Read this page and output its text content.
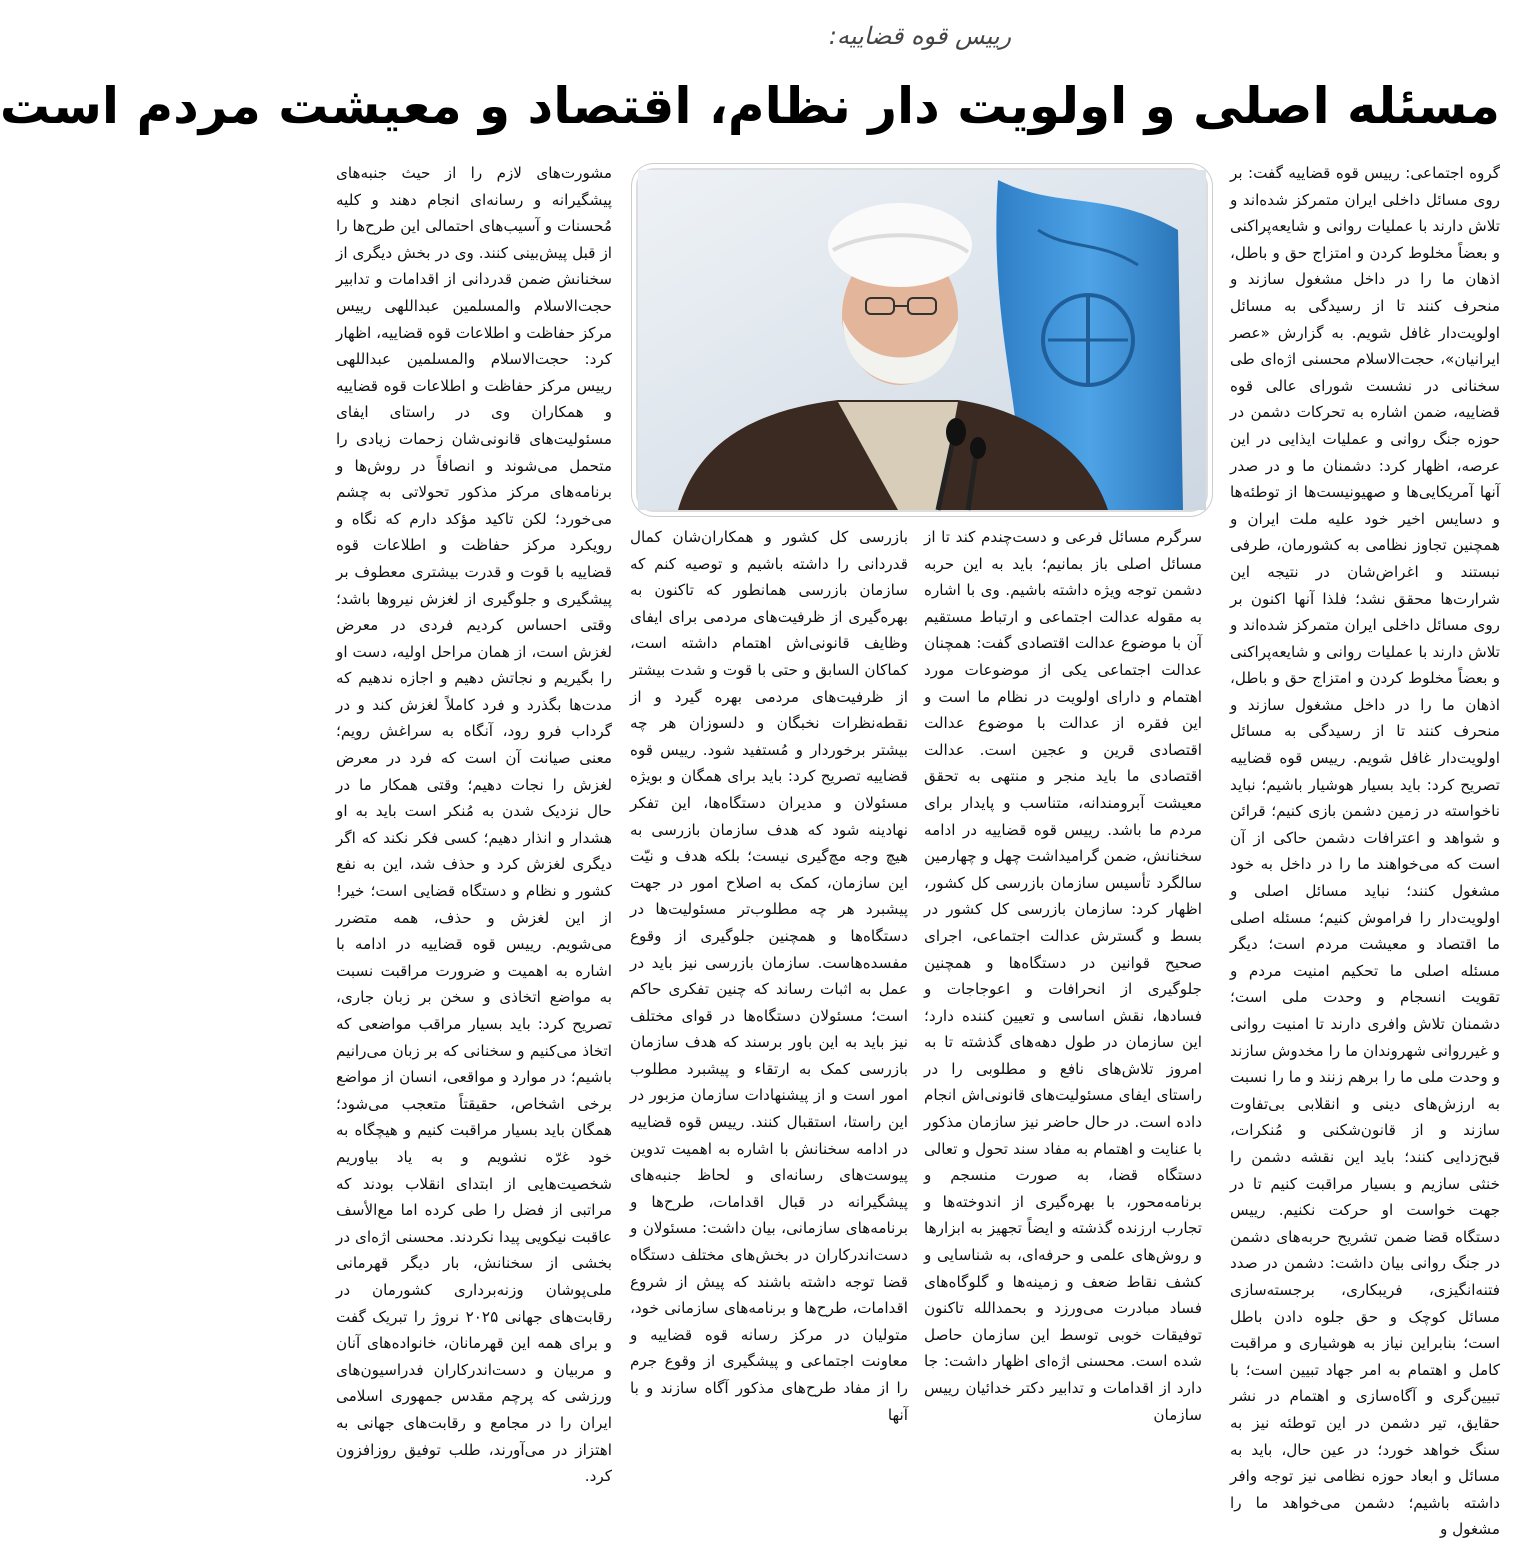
رییس قوه قضاییه:
مسئله اصلی و اولویت دار نظام، اقتصاد و معیشت مردم است

گروه اجتماعی: رییس قوه قضاییه گفت: بر روی مسائل داخلی ایران متمرکز شده‌اند و تلاش دارند با عملیات روانی و شایعه‌پراکنی و بعضاً مخلوط کردن و امتزاج حق و باطل، اذهان ما را در داخل مشغول سازند و منحرف کنند تا از رسیدگی به مسائل اولویت‌دار غافل شویم. به گزارش «عصر ایرانیان»، حجت‌الاسلام محسنی اژه‌ای طی سخنانی در نشست شورای عالی قوه قضاییه، ضمن اشاره به تحرکات دشمن در حوزه جنگ روانی و عملیات ایذایی در این عرصه، اظهار کرد: دشمنان ما و در صدر آنها آمریکایی‌ها و صهیونیست‌ها از توطئه‌ها و دسایس اخیر خود علیه ملت ایران و همچنین تجاوز نظامی به کشورمان، طرفی نبستند و اغراض‌شان در نتیجه این شرارت‌ها محقق نشد؛ فلذا آنها اکنون بر روی مسائل داخلی ایران متمرکز شده‌اند و تلاش دارند با عملیات روانی و شایعه‌پراکنی و بعضاً مخلوط کردن و امتزاج حق و باطل، اذهان ما را در داخل مشغول سازند و منحرف کنند تا از رسیدگی به مسائل اولویت‌دار غافل شویم. رییس قوه قضاییه تصریح کرد: باید بسیار هوشیار باشیم؛ نباید ناخواسته در زمین دشمن بازی کنیم؛ قرائن و شواهد و اعترافات دشمن حاکی از آن است که می‌خواهند ما را در داخل به خود مشغول کنند؛ نباید مسائل اصلی و اولویت‌دار را فراموش کنیم؛ مسئله اصلی ما اقتصاد و معیشت مردم است؛ دیگر مسئله اصلی ما تحکیم امنیت مردم و تقویت انسجام و وحدت ملی است؛ دشمنان تلاش وافری دارند تا امنیت روانی و غیرروانی شهروندان ما را مخدوش سازند و وحدت ملی ما را برهم زنند و ما را نسبت به ارزش‌های دینی و انقلابی بی‌تفاوت سازند و از قانون‌شکنی و مُنکرات، قبح‌زدایی کنند؛ باید این نقشه دشمن را خنثی سازیم و بسیار مراقبت کنیم تا در جهت خواست او حرکت نکنیم. رییس دستگاه قضا ضمن تشریح حربه‌های دشمن در جنگ روانی بیان داشت: دشمن در صدد فتنه‌انگیزی، فریبکاری، برجسته‌سازی مسائل کوچک و حق جلوه دادن باطل است؛ بنابراین نیاز به هوشیاری و مراقبت کامل و اهتمام به امر جهاد تبیین است؛ با تبیین‌گری و آگاه‌سازی و اهتمام در نشر حقایق، تیر دشمن در این توطئه نیز به سنگ خواهد خورد؛ در عین حال، باید به مسائل و ابعاد حوزه نظامی نیز توجه وافر داشته باشیم؛ دشمن می‌خواهد ما را مشغول و

سرگرم مسائل فرعی و دست‌چندم کند تا از مسائل اصلی باز بمانیم؛ باید به این حربه دشمن توجه ویژه داشته باشیم. وی با اشاره به مقوله عدالت اجتماعی و ارتباط مستقیم آن با موضوع عدالت اقتصادی گفت: همچنان عدالت اجتماعی یکی از موضوعات مورد اهتمام و دارای اولویت در نظام ما است و این فقره از عدالت با موضوع عدالت اقتصادی قرین و عجین است. عدالت اقتصادی ما باید منجر و منتهی به تحقق معیشت آبرومندانه، متناسب و پایدار برای مردم ما باشد. رییس قوه قضاییه در ادامه سخنانش، ضمن گرامیداشت چهل و چهارمین سالگرد تأسیس سازمان بازرسی کل کشور، اظهار کرد: سازمان بازرسی کل کشور در بسط و گسترش عدالت اجتماعی، اجرای صحیح قوانین در دستگاه‌ها و همچنین جلوگیری از انحرافات و اعوجاجات و فسادها، نقش اساسی و تعیین کننده دارد؛ این سازمان در طول دهه‌های گذشته تا به امروز تلاش‌های نافع و مطلوبی را در راستای ایفای مسئولیت‌های قانونی‌اش انجام داده است. در حال حاضر نیز سازمان مذکور با عنایت و اهتمام به مفاد سند تحول و تعالی دستگاه قضا، به صورت منسجم و برنامه‌محور، با بهره‌گیری از اندوخته‌ها و تجارب ارزنده گذشته و ایضاً تجهیز به ابزارها و روش‌های علمی و حرفه‌ای، به شناسایی و کشف نقاط ضعف و زمینه‌ها و گلوگاه‌های فساد مبادرت می‌ورزد و بحمدالله تاکنون توفیقات خوبی توسط این سازمان حاصل شده است. محسنی اژه‌ای اظهار داشت: جا دارد از اقدامات و تدابیر دکتر خدائیان رییس سازمان

بازرسی کل کشور و همکاران‌شان کمال قدردانی را داشته باشیم و توصیه کنم که سازمان بازرسی همانطور که تاکنون به بهره‌گیری از ظرفیت‌های مردمی برای ایفای وظایف قانونی‌اش اهتمام داشته است، کماکان السابق و حتی با قوت و شدت بیشتر از ظرفیت‌های مردمی بهره گیرد و از نقطه‌نظرات نخبگان و دلسوزان هر چه بیشتر برخوردار و مُستفید شود. رییس قوه قضاییه تصریح کرد: باید برای همگان و بویژه مسئولان و مدیران دستگاه‌ها، این تفکر نهادینه شود که هدف سازمان بازرسی به هیچ وجه مچ‌گیری نیست؛ بلکه هدف و نیّت این سازمان، کمک به اصلاح امور در جهت پیشبرد هر چه مطلوب‌تر مسئولیت‌ها در دستگاه‌ها و همچنین جلوگیری از وقوع مفسده‌هاست. سازمان بازرسی نیز باید در عمل به اثبات رساند که چنین تفکری حاکم است؛ مسئولان دستگاه‌ها در قوای مختلف نیز باید به این باور برسند که هدف سازمان بازرسی کمک به ارتقاء و پیشبرد مطلوب امور است و از پیشنهادات سازمان مزبور در این راستا، استقبال کنند. رییس قوه قضاییه در ادامه سخنانش با اشاره به اهمیت تدوین پیوست‌های رسانه‌ای و لحاظ جنبه‌های پیشگیرانه در قبال اقدامات، طرح‌ها و برنامه‌های سازمانی، بیان داشت: مسئولان و دست‌اندرکاران در بخش‌های مختلف دستگاه قضا توجه داشته باشند که پیش از شروع اقدامات، طرح‌ها و برنامه‌های سازمانی خود، متولیان در مرکز رسانه قوه قضاییه و معاونت اجتماعی و پیشگیری از وقوع جرم را از مفاد طرح‌های مذکور آگاه سازند و با آنها

مشورت‌های لازم را از حیث جنبه‌های پیشگیرانه و رسانه‌ای انجام دهند و کلیه مُحسنات و آسیب‌های احتمالی این طرح‌ها را از قبل پیش‌بینی کنند. وی در بخش دیگری از سخنانش ضمن قدردانی از اقدامات و تدابیر حجت‌الاسلام والمسلمین عبداللهی رییس مرکز حفاظت و اطلاعات قوه قضاییه، اظهار کرد: حجت‌الاسلام والمسلمین عبداللهی رییس مرکز حفاظت و اطلاعات قوه قضاییه و همکاران وی در راستای ایفای مسئولیت‌های قانونی‌شان زحمات زیادی را متحمل می‌شوند و انصافاً در روش‌ها و برنامه‌های مرکز مذکور تحولاتی به چشم می‌خورد؛ لکن تاکید مؤکد دارم که نگاه و رویکرد مرکز حفاظت و اطلاعات قوه قضاییه با قوت و قدرت بیشتری معطوف بر پیشگیری و جلوگیری از لغزش نیروها باشد؛ وقتی احساس کردیم فردی در معرض لغزش است، از همان مراحل اولیه، دست او را بگیریم و نجاتش دهیم و اجازه ندهیم که مدت‌ها بگذرد و فرد کاملاً لغزش کند و در گرداب فرو رود، آنگاه به سراغش رویم؛ معنی صیانت آن است که فرد در معرض لغزش را نجات دهیم؛ وقتی همکار ما در حال نزدیک شدن به مُنکر است باید به او هشدار و انذار دهیم؛ کسی فکر نکند که اگر دیگری لغزش کرد و حذف شد، این به نفع کشور و نظام و دستگاه قضایی است؛ خیر! از این لغزش و حذف، همه متضرر می‌شویم. رییس قوه قضاییه در ادامه با اشاره به اهمیت و ضرورت مراقبت نسبت به مواضع اتخاذی و سخن بر زبان جاری، تصریح کرد: باید بسیار مراقب مواضعی که اتخاذ می‌کنیم و سخنانی که بر زبان می‌رانیم باشیم؛ در موارد و مواقعی، انسان از مواضع برخی اشخاص، حقیقتاً متعجب می‌شود؛ همگان باید بسیار مراقبت کنیم و هیچگاه به خود غرّه نشویم و به یاد بیاوریم شخصیت‌هایی از ابتدای انقلاب بودند که مراتبی از فضل را طی کرده اما مع‌الأسف عاقبت نیکویی پیدا نکردند. محسنی اژه‌ای در بخشی از سخنانش، بار دیگر قهرمانی ملی‌پوشان وزنه‌برداری کشورمان در رقابت‌های جهانی ۲۰۲۵ نروژ را تبریک گفت و برای همه این قهرمانان، خانواده‌های آنان و مربیان و دست‌اندرکاران فدراسیون‌های ورزشی که پرچم مقدس جمهوری اسلامی ایران را در مجامع و رقابت‌های جهانی به اهتزاز در می‌آورند، طلب توفیق روزافزون کرد.
